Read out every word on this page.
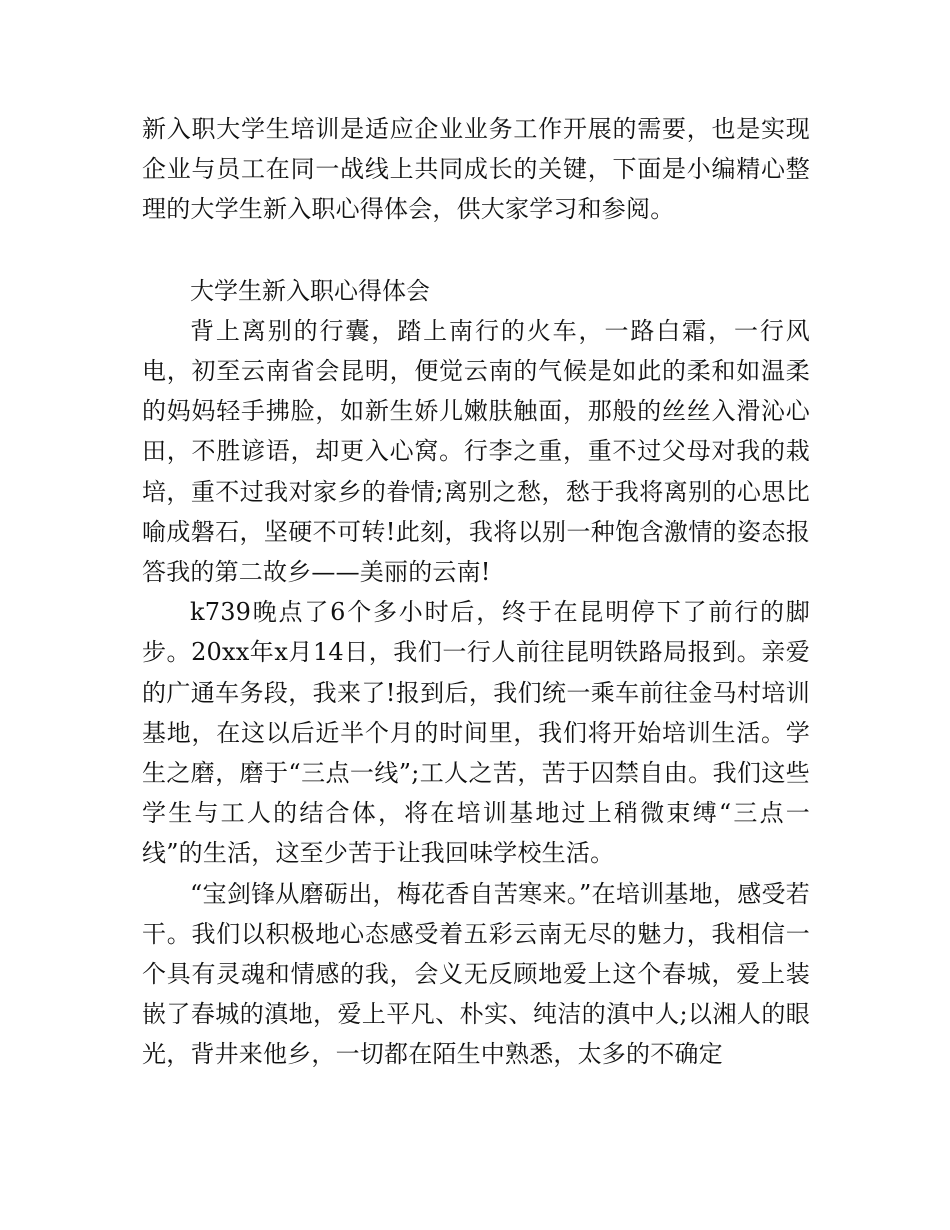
新入职大学生培训是适应企业业务工作开展的需要，也是实现企业与员工在同一战线上共同成长的关键，下面是小编精心整理的大学生新入职心得体会，供大家学习和参阅。

大学生新入职心得体会

背上离别的行囊，踏上南行的火车，一路白霜，一行风电，初至云南省会昆明，便觉云南的气候是如此的柔和如温柔的妈妈轻手拂脸，如新生娇儿嫩肤触面，那般的丝丝入滑沁心田，不胜谚语，却更入心窝。行李之重，重不过父母对我的栽培，重不过我对家乡的眷情;离别之愁，愁于我将离别的心思比喻成磐石，坚硬不可转!此刻，我将以别一种饱含激情的姿态报答我的第二故乡——美丽的云南!

k739晚点了6个多小时后，终于在昆明停下了前行的脚步。20xx年x月14日，我们一行人前往昆明铁路局报到。亲爱的广通车务段，我来了!报到后，我们统一乘车前往金马村培训基地，在这以后近半个月的时间里，我们将开始培训生活。学生之磨，磨于“三点一线”;工人之苦，苦于囚禁自由。我们这些学生与工人的结合体，将在培训基地过上稍微束缚“三点一线”的生活，这至少苦于让我回味学校生活。

“宝剑锋从磨砺出，梅花香自苦寒来。”在培训基地，感受若干。我们以积极地心态感受着五彩云南无尽的魅力，我相信一个具有灵魂和情感的我，会义无反顾地爱上这个春城，爱上装嵌了春城的滇地，爱上平凡、朴实、纯洁的滇中人;以湘人的眼光，背井来他乡，一切都在陌生中熟悉，太多的不确定
